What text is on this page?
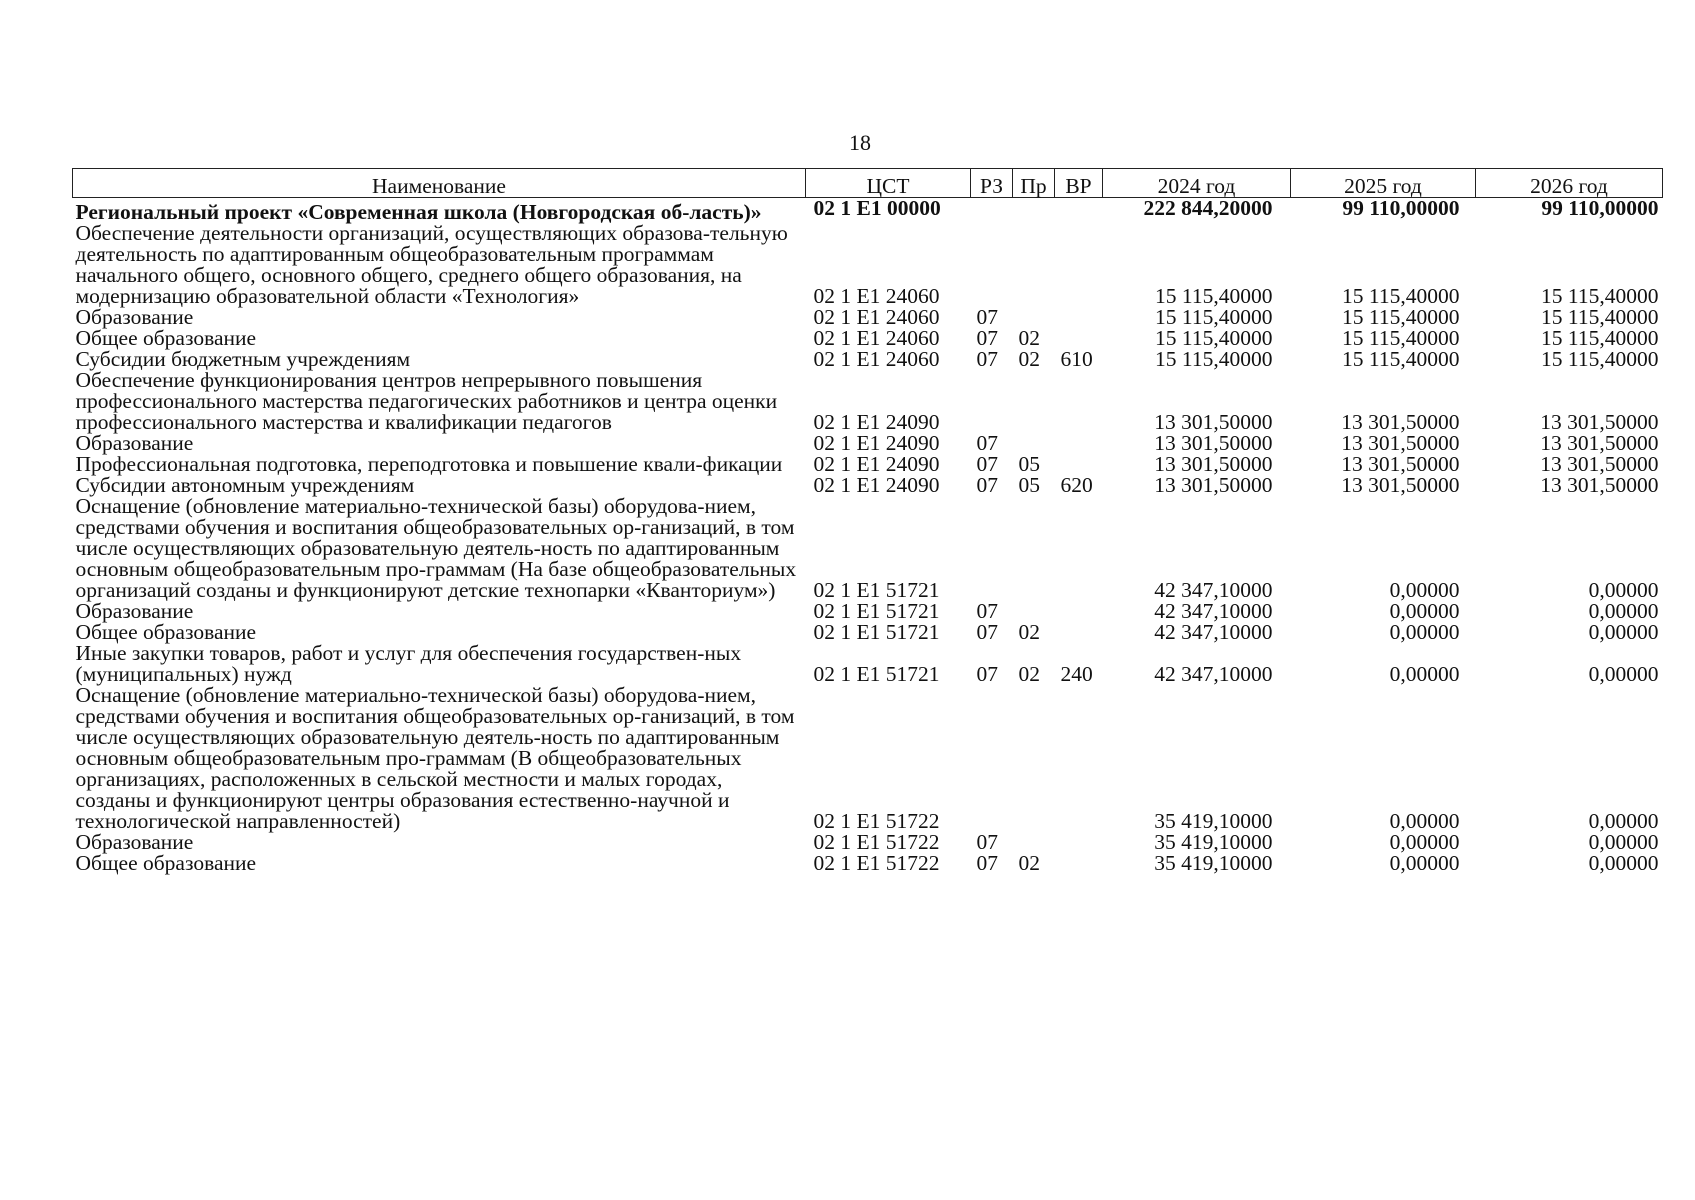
18
Наименование	ЦСТ	РЗ	Пр	ВР	2024 год	2025 год	2026 год
Региональный проект «Современная школа (Новгородская об-ласть)»	02 1 E1 00000				222 844,20000	99 110,00000	99 110,00000
Обеспечение деятельности организаций, осуществляющих образова-тельную деятельность по адаптированным общеобразовательным программам начального общего, основного общего, среднего общего образования, на модернизацию образовательной области «Технология»	02 1 E1 24060				15 115,40000	15 115,40000	15 115,40000
Образование	02 1 E1 24060	07			15 115,40000	15 115,40000	15 115,40000
Общее образование	02 1 E1 24060	07	02		15 115,40000	15 115,40000	15 115,40000
Субсидии бюджетным учреждениям	02 1 E1 24060	07	02	610	15 115,40000	15 115,40000	15 115,40000
Обеспечение функционирования центров непрерывного повышения профессионального мастерства педагогических работников и центра оценки профессионального мастерства и квалификации педагогов	02 1 E1 24090				13 301,50000	13 301,50000	13 301,50000
Образование	02 1 E1 24090	07			13 301,50000	13 301,50000	13 301,50000
Профессиональная подготовка, переподготовка и повышение квали-фикации	02 1 E1 24090	07	05		13 301,50000	13 301,50000	13 301,50000
Субсидии автономным учреждениям	02 1 E1 24090	07	05	620	13 301,50000	13 301,50000	13 301,50000
Оснащение (обновление материально-технической базы) оборудова-нием, средствами обучения и воспитания общеобразовательных ор-ганизаций, в том числе осуществляющих образовательную деятель-ность по адаптированным основным общеобразовательным про-граммам (На базе общеобразовательных организаций созданы и функционируют детские технопарки «Кванториум»)	02 1 E1 51721				42 347,10000	0,00000	0,00000
Образование	02 1 E1 51721	07			42 347,10000	0,00000	0,00000
Общее образование	02 1 E1 51721	07	02		42 347,10000	0,00000	0,00000
Иные закупки товаров, работ и услуг для обеспечения государствен-ных (муниципальных) нужд	02 1 E1 51721	07	02	240	42 347,10000	0,00000	0,00000
Оснащение (обновление материально-технической базы) оборудова-нием, средствами обучения и воспитания общеобразовательных ор-ганизаций, в том числе осуществляющих образовательную деятель-ность по адаптированным основным общеобразовательным про-граммам (В общеобразовательных организациях, расположенных в сельской местности и малых городах, созданы и функционируют центры образования естественно-научной и технологической направленностей)	02 1 E1 51722				35 419,10000	0,00000	0,00000
Образование	02 1 E1 51722	07			35 419,10000	0,00000	0,00000
Общее образование	02 1 E1 51722	07	02		35 419,10000	0,00000	0,00000
